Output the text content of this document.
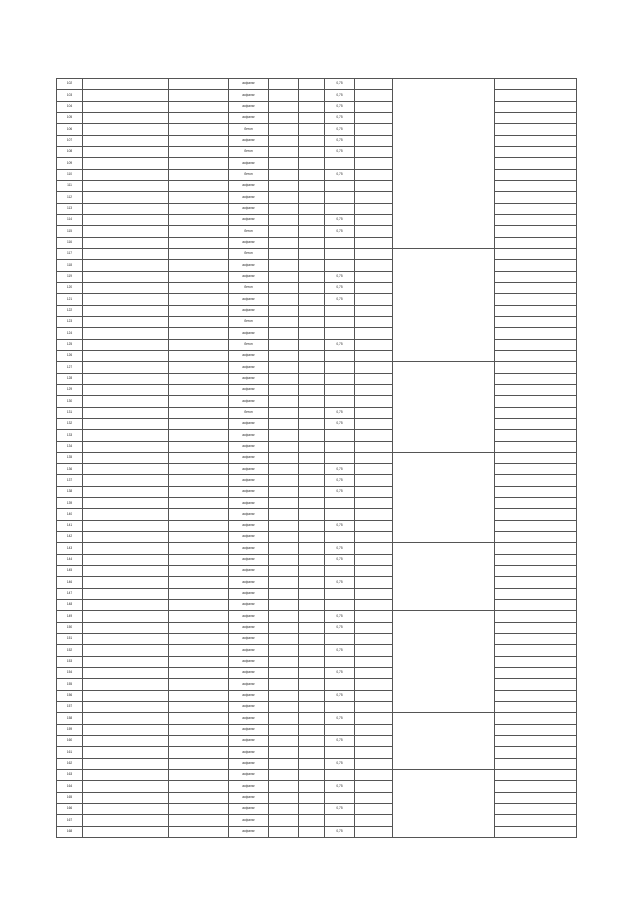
102			асфальт			0,75			
103			асфальт			0,75			
104			асфальт			0,75			
105			асфальт			0,75			
106			бетон			0,75			
107			асфальт			0,75			
108			бетон			0,75			
109			асфальт						
110			бетон			0,75			
111			асфальт						
112			асфальт						
113			асфальт						
114			асфальт			0,75			
115			бетон			0,75			
116			асфальт						
117			бетон						
118			асфальт						
119			асфальт			0,75			
120			бетон			0,75			
121			асфальт			0,75			
122			асфальт						
123			бетон						
124			асфальт						
125			бетон			0,75			
126			асфальт						
127			асфальт						
128			асфальт						
129			асфальт						
130			асфальт						
131			бетон			0,75			
132			асфальт			0,75			
133			асфальт						
134			асфальт						
135			асфальт						
136			асфальт			0,75			
137			асфальт			0,75			
138			асфальт			0,75			
139			асфальт						
140			асфальт						
141			асфальт			0,75			
142			асфальт						
143			асфальт			0,75			
144			асфальт			0,75			
145			асфальт						
146			асфальт			0,75			
147			асфальт						
148			асфальт						
149			асфальт			0,75			
150			асфальт			0,75			
151			асфальт						
152			асфальт			0,75			
153			асфальт						
154			асфальт			0,75			
155			асфальт						
156			асфальт			0,75			
157			асфальт						
158			асфальт			0,75			
159			асфальт						
160			асфальт			0,75			
161			асфальт						
162			асфальт			0,75			
163			асфальт						
164			асфальт			0,75			
165			асфальт						
166			асфальт			0,75			
167			асфальт						
168			асфальт			0,75			
